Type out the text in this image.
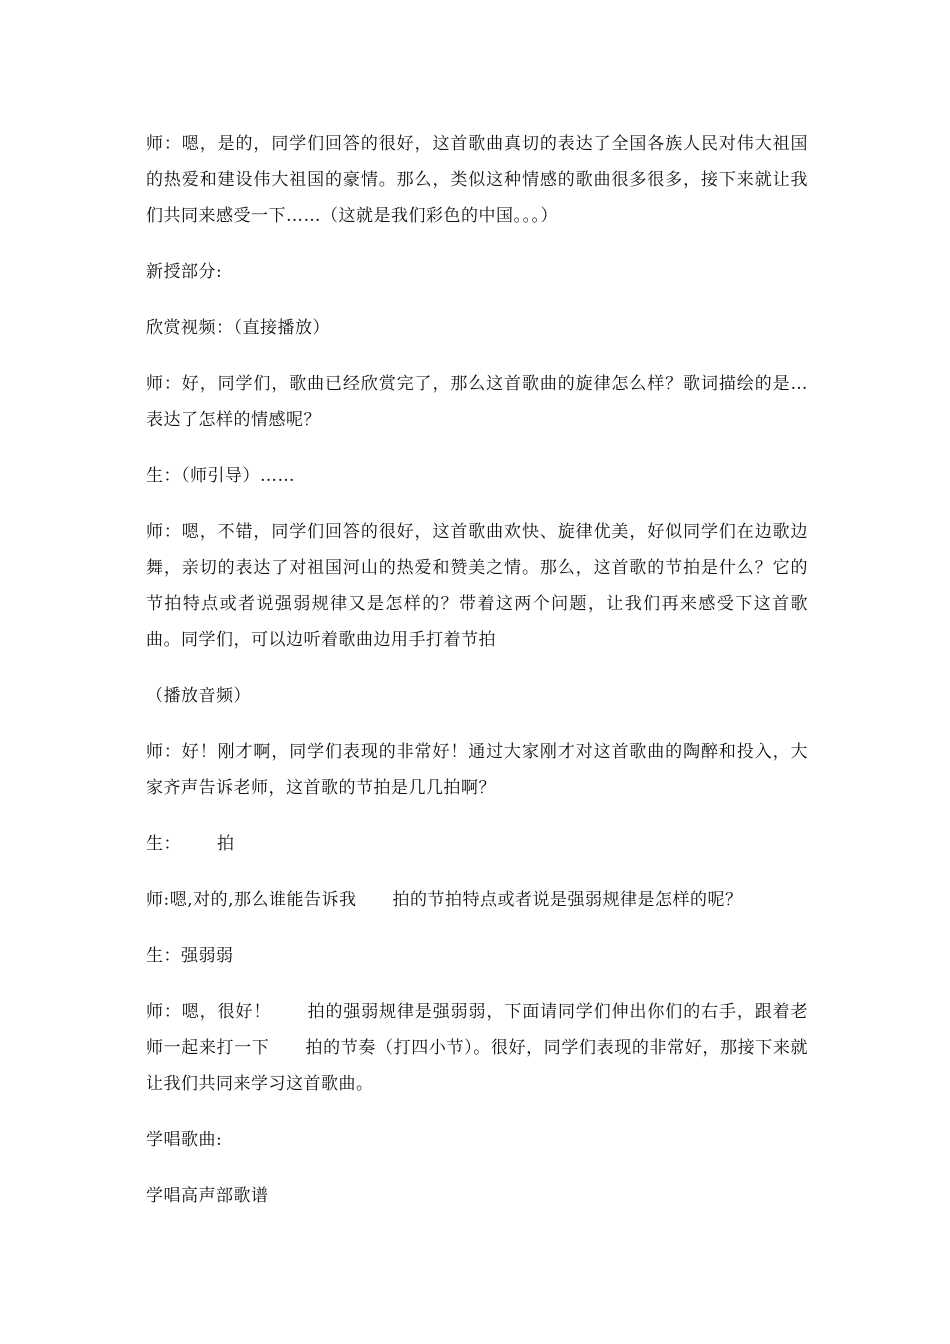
师：嗯，是的，同学们回答的很好，这首歌曲真切的表达了全国各族人民对伟大祖国的热爱和建设伟大祖国的豪情。那么，类似这种情感的歌曲很多很多，接下来就让我们共同来感受一下……（这就是我们彩色的中国。。。）

新授部分:

欣赏视频：（直接播放）

师：好，同学们，歌曲已经欣赏完了，那么这首歌曲的旋律怎么样？歌词描绘的是…表达了怎样的情感呢？

生：（师引导）……

师：嗯，不错，同学们回答的很好，这首歌曲欢快、旋律优美，好似同学们在边歌边舞，亲切的表达了对祖国河山的热爱和赞美之情。那么，这首歌的节拍是什么？它的节拍特点或者说强弱规律又是怎样的？带着这两个问题，让我们再来感受下这首歌曲。同学们，可以边听着歌曲边用手打着节拍

（播放音频）

师：好！刚才啊，同学们表现的非常好！通过大家刚才对这首歌曲的陶醉和投入，大家齐声告诉老师，这首歌的节拍是几几拍啊？

生： 拍

师:嗯,对的,那么谁能告诉我 拍的节拍特点或者说是强弱规律是怎样的呢？

生：强弱弱

师：嗯，很好！ 拍的强弱规律是强弱弱，下面请同学们伸出你们的右手，跟着老师一起来打一下 拍的节奏（打四小节）。很好，同学们表现的非常好，那接下来就让我们共同来学习这首歌曲。

学唱歌曲:

学唱高声部歌谱
